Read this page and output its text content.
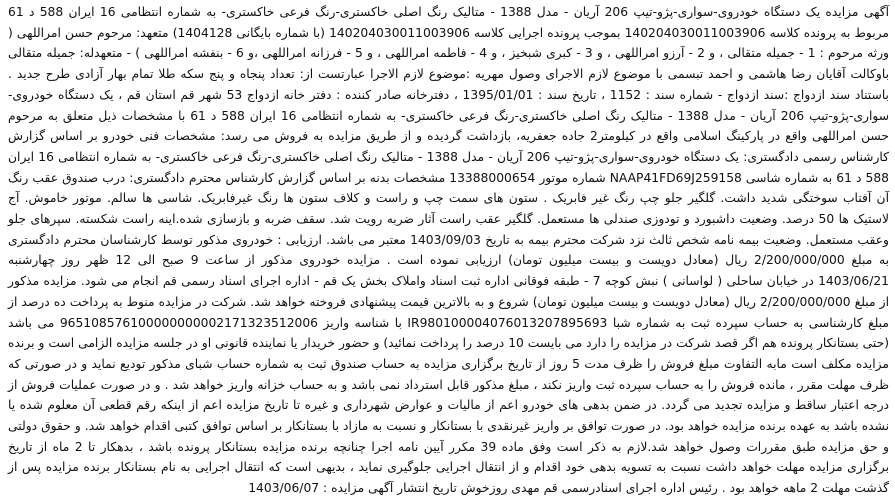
آگهی مزایده یک دستگاه خودروی-سواری-پژو-تیپ 206 آریان - مدل 1388 - متالیک رنگ اصلی خاکستری-رنگ فرعی خاکستری- به شماره انتظامی 16 ایران 588 د 61 مربوط به پرونده کلاسه 140204030011003906 بموجب پرونده اجرایی کلاسه 140204030011003906 (با شماره بایگانی 1404128) متعهد: مرحوم حسن امراللهی ( ورثه مرحوم : 1 - جمیله متقالی ، و 2 - آرزو امراللهی ، و 3 - کبری شبخیز ، و 4 - فاطمه امراللهی ، و 5 - فرزانه امراللهی ،و 6 - بنفشه امراللهی ) - متعهدله: جمیله متقالی باوکالت آقایان رضا هاشمی و احمد تبسمی با موضوع لازم الاجرای وصول مهریه :موضوع لازم الاجرا عبارتست از: تعداد پنجاه و پنج سکه طلا تمام بهار آزادی طرح جدید . باستناد سند ازدواج :سند ازدواج - شماره سند : 1152 ، تاریخ سند : 1395/01/01 ، دفترخانه صادر کننده : دفتر خانه ازدواج 53 شهر قم استان قم ، یک دستگاه خودروی-سواری-پژو-تیپ 206 آریان - مدل 1388 - متالیک رنگ اصلی خاکستری-رنگ فرعی خاکستری- به شماره انتظامی 16 ایران 588 د 61 با مشخصات ذیل متعلق به مرحوم حسن امراللهی واقع در پارکینگ اسلامی واقع در کیلومتر2 جاده جعفریه، بازداشت گردیده و از طریق مزایده به فروش می رسد: مشخصات فنی خودرو بر اساس گزارش کارشناس رسمی دادگستری: یک دستگاه خودروی-سواری-پژو-تیپ 206 آریان - مدل 1388 - متالیک رنگ اصلی خاکستری-رنگ فرعی خاکستری- به شماره انتظامی 16 ایران 588 د 61 به شماره شاسی NAAP41FD69J259158 شماره موتور 13388000654 مشخصات بدنه بر اساس گزارش کارشناس محترم دادگستری: درب صندوق عقب رنگ آن آفتاب سوختگی شدید داشت. گلگیر جلو چپ رنگ غیر فابریک . ستون های سمت چپ و راست و کلاف ستون ها رنگ غیرفابریک. شاسی ها سالم. موتور خاموش. آج لاستیک ها 50 درصد. وضعیت داشبورد و تودوزی صندلی ها مستعمل. گلگیر عقب راست آثار ضربه رویت شد. سقف ضربه و بازسازی شده.اینه راست شکسته. سپرهای جلو وعقب مستعمل. وضعیت بیمه نامه شخص ثالث نزد شرکت محترم بیمه به تاریخ 1403/09/03 معتبر می باشد. ارزیابی : خودروی مذکور توسط کارشناسان محترم دادگستری به مبلغ 2/200/000/000 ریال (معادل دویست و بیست میلیون تومان) ارزیابی نموده است . مزایده خودروی مذکور از ساعت 9 صبح الی 12 ظهر روز چهارشنبه 1403/06/21 در خیابان ساحلی ( لواسانی ) نبش کوچه 7 - طبقه فوقانی اداره ثبت اسناد واملاک بخش یک قم - اداره اجرای اسناد رسمی قم انجام می شود. مزایده مذکور از مبلغ 2/200/000/000 ریال (معادل دویست و بیست میلیون تومان) شروع و به بالاترین قیمت پیشنهادی فروخته خواهد شد. شرکت در مزایده منوط به پرداخت ده درصد از مبلغ کارشناسی به حساب سپرده ثبت به شماره شبا IR980100004076013207895693 با شناسه واریز 965108576100000000002171323512006 می باشد (حتی بستانکار پرونده هم اگر قصد شرکت در مزایده را دارد می بایست 10 درصد را پرداخت نمائید) و حضور خریدار یا نماینده قانونی او در جلسه مزایده الزامی است و برنده مزایده مکلف است مابه التفاوت مبلغ فروش را ظرف مدت 5 روز از تاریخ برگزاری مزایده به حساب صندوق ثبت به شماره حساب شبای مذکور تودیع نماید و در صورتی که ظرف مهلت مقرر ، مانده فروش را به حساب سپرده ثبت واریز نکند ، مبلغ مذکور قابل استرداد نمی باشد و به حساب خزانه واریز خواهد شد . و در صورت عملیات فروش از درجه اعتبار ساقط و مزایده تجدید می گردد. در ضمن بدهی های خودرو اعم از مالیات و عوارض شهرداری و غیره تا تاریخ مزایده اعم از اینکه رقم قطعی آن معلوم شده یا نشده باشد به عهده برنده مزایده خواهد بود. در صورت توافق بر واریز غیرنقدی با بستانکار و نسبت به مازاد با بستانکار بر اساس توافق کتبی اقدام خواهد شد. و حقوق دولتی و حق مزایده طبق مقررات وصول خواهد شد.لازم به ذکر است وفق ماده 39 مکرر آیین نامه اجرا چنانچه برنده مزایده بستانکار پرونده باشد ، بدهکار تا 2 ماه از تاریخ برگزاری مزایده مهلت خواهد داشت نسبت به تسویه بدهی خود اقدام و از انتقال اجرایی جلوگیری نماید ، بدیهی است که انتقال اجرایی به نام بستانکار برنده مزایده پس از گذشت مهلت 2 ماهه خواهد بود . رئیس اداره اجرای اسنادرسمی قم مهدی روزخوش تاریخ انتشار آگهی مزایده : 1403/06/07
